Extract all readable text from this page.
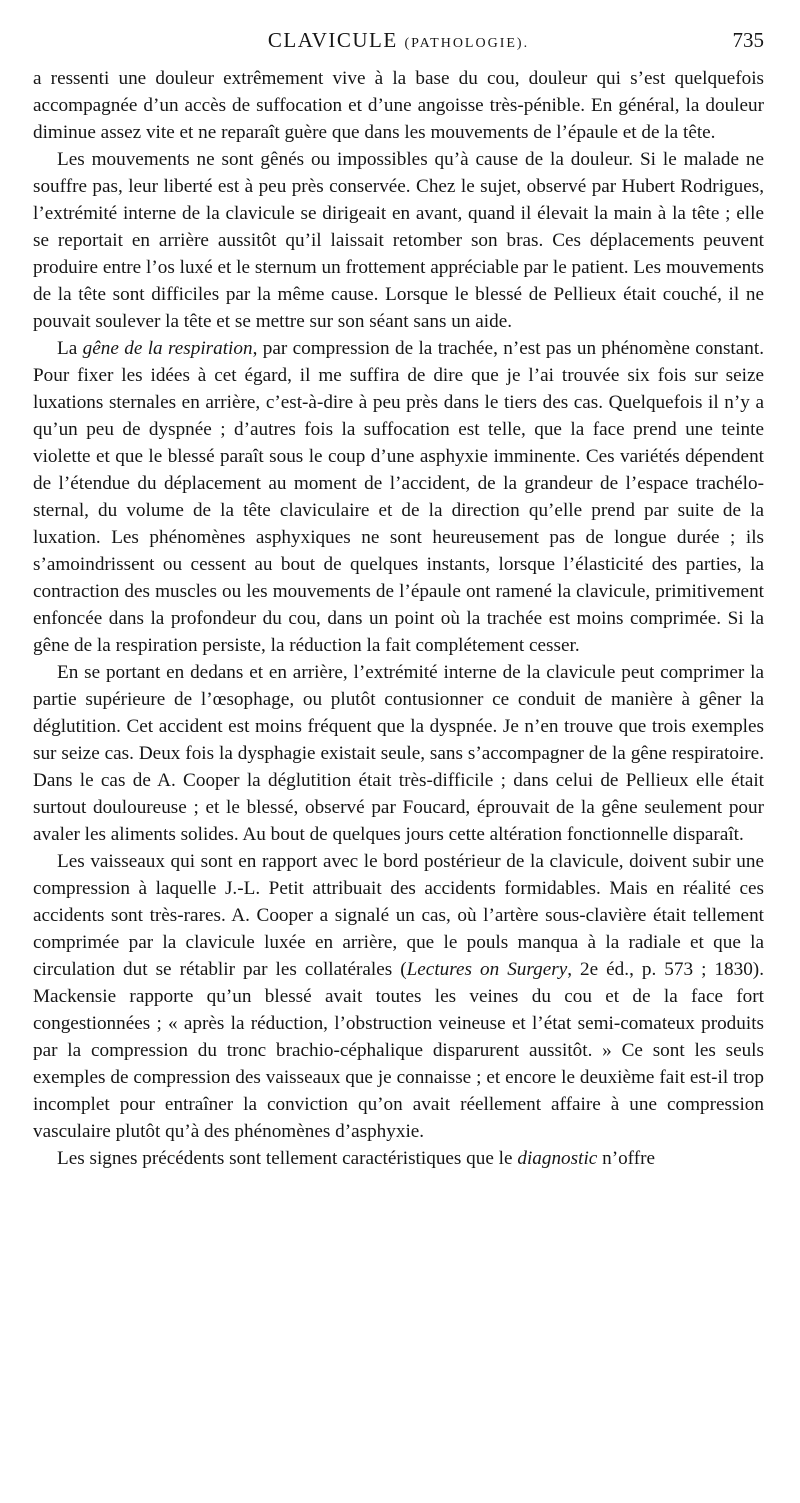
CLAVICULE (PATHOLOGIE).	735

a ressenti une douleur extrêmement vive à la base du cou, douleur qui s’est quelquefois accompagnée d’un accès de suffocation et d’une angoisse très-pénible. En général, la douleur diminue assez vite et ne reparaît guère que dans les mouvements de l’épaule et de la tête.

Les mouvements ne sont gênés ou impossibles qu’à cause de la douleur. Si le malade ne souffre pas, leur liberté est à peu près conservée. Chez le sujet, observé par Hubert Rodrigues, l’extrémité interne de la clavicule se dirigeait en avant, quand il élevait la main à la tête ; elle se reportait en arrière aussitôt qu’il laissait retomber son bras. Ces déplacements peuvent produire entre l’os luxé et le sternum un frottement appréciable par le patient. Les mouvements de la tête sont difficiles par la même cause. Lorsque le blessé de Pellieux était couché, il ne pouvait soulever la tête et se mettre sur son séant sans un aide.

La gêne de la respiration, par compression de la trachée, n’est pas un phénomène constant. Pour fixer les idées à cet égard, il me suffira de dire que je l’ai trouvée six fois sur seize luxations sternales en arrière, c’est-à-dire à peu près dans le tiers des cas. Quelquefois il n’y a qu’un peu de dyspnée ; d’autres fois la suffocation est telle, que la face prend une teinte violette et que le blessé paraît sous le coup d’une asphyxie imminente. Ces variétés dépendent de l’étendue du déplacement au moment de l’accident, de la grandeur de l’espace trachélo-sternal, du volume de la tête claviculaire et de la direction qu’elle prend par suite de la luxation. Les phénomènes asphyxiques ne sont heureusement pas de longue durée ; ils s’amoindrissent ou cessent au bout de quelques instants, lorsque l’élasticité des parties, la contraction des muscles ou les mouvements de l’épaule ont ramené la clavicule, primitivement enfoncée dans la profondeur du cou, dans un point où la trachée est moins comprimée. Si la gêne de la respiration persiste, la réduction la fait complétement cesser.

En se portant en dedans et en arrière, l’extrémité interne de la clavicule peut comprimer la partie supérieure de l’œsophage, ou plutôt contusionner ce conduit de manière à gêner la déglutition. Cet accident est moins fréquent que la dyspnée. Je n’en trouve que trois exemples sur seize cas. Deux fois la dysphagie existait seule, sans s’accompagner de la gêne respiratoire. Dans le cas de A. Cooper la déglutition était très-difficile ; dans celui de Pellieux elle était surtout douloureuse ; et le blessé, observé par Foucard, éprouvait de la gêne seulement pour avaler les aliments solides. Au bout de quelques jours cette altération fonctionnelle disparaît.

Les vaisseaux qui sont en rapport avec le bord postérieur de la clavicule, doivent subir une compression à laquelle J.-L. Petit attribuait des accidents formidables. Mais en réalité ces accidents sont très-rares. A. Cooper a signalé un cas, où l’artère sous-clavière était tellement comprimée par la clavicule luxée en arrière, que le pouls manqua à la radiale et que la circulation dut se rétablir par les collatérales (Lectures on Surgery, 2e éd., p. 573 ; 1830). Mackensie rapporte qu’un blessé avait toutes les veines du cou et de la face fort congestionnées ; « après la réduction, l’obstruction veineuse et l’état semi-comateux produits par la compression du tronc brachio-céphalique disparurent aussitôt. » Ce sont les seuls exemples de compression des vaisseaux que je connaisse ; et encore le deuxième fait est-il trop incomplet pour entraîner la conviction qu’on avait réellement affaire à une compression vasculaire plutôt qu’à des phénomènes d’asphyxie.

Les signes précédents sont tellement caractéristiques que le diagnostic n’offre
